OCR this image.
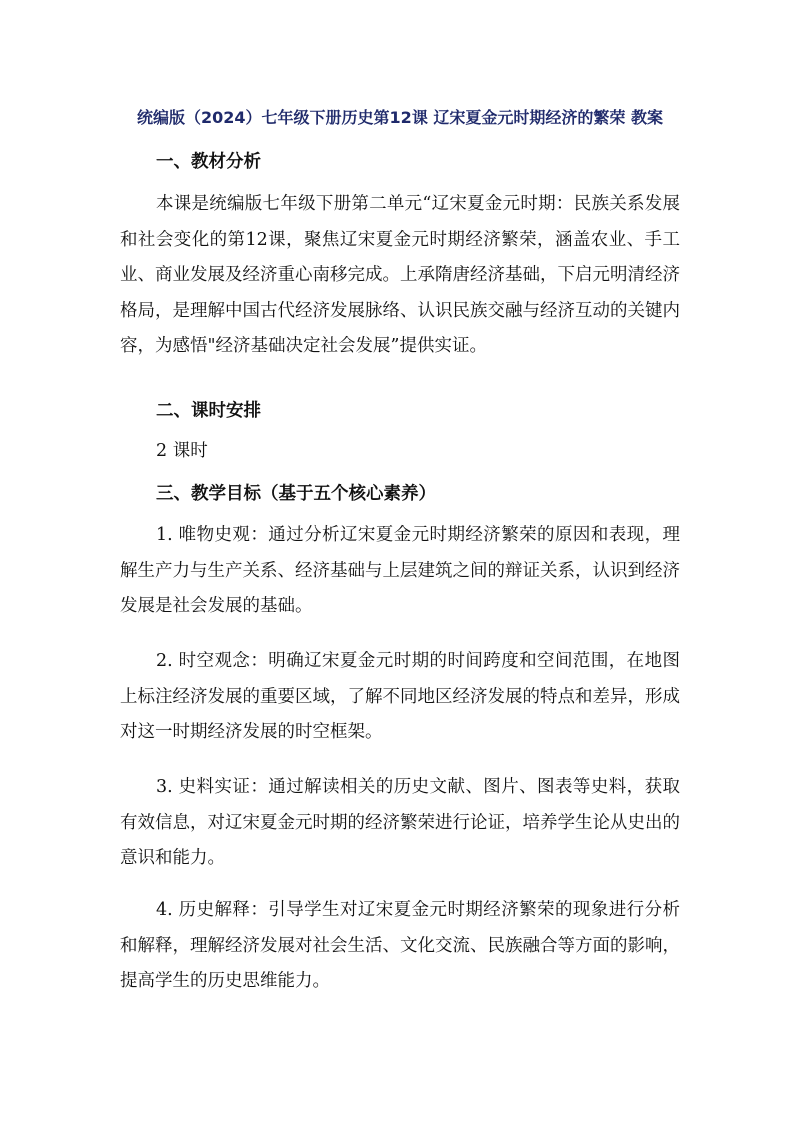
统编版（2024）七年级下册历史第12课 辽宋夏金元时期经济的繁荣 教案
一、教材分析

本课是统编版七年级下册第二单元“辽宋夏金元时期：民族关系发展和社会变化的第12课，聚焦辽宋夏金元时期经济繁荣，涵盖农业、手工业、商业发展及经济重心南移完成。上承隋唐经济基础，下启元明清经济格局，是理解中国古代经济发展脉络、认识民族交融与经济互动的关键内容，为感悟"经济基础决定社会发展”提供实证。

二、课时安排
2 课时
三、教学目标（基于五个核心素养）

1. 唯物史观：通过分析辽宋夏金元时期经济繁荣的原因和表现，理解生产力与生产关系、经济基础与上层建筑之间的辩证关系，认识到经济发展是社会发展的基础。

2. 时空观念：明确辽宋夏金元时期的时间跨度和空间范围，在地图上标注经济发展的重要区域，了解不同地区经济发展的特点和差异，形成对这一时期经济发展的时空框架。

3. 史料实证：通过解读相关的历史文献、图片、图表等史料，获取有效信息，对辽宋夏金元时期的经济繁荣进行论证，培养学生论从史出的意识和能力。

4. 历史解释：引导学生对辽宋夏金元时期经济繁荣的现象进行分析和解释，理解经济发展对社会生活、文化交流、民族融合等方面的影响，提高学生的历史思维能力。
